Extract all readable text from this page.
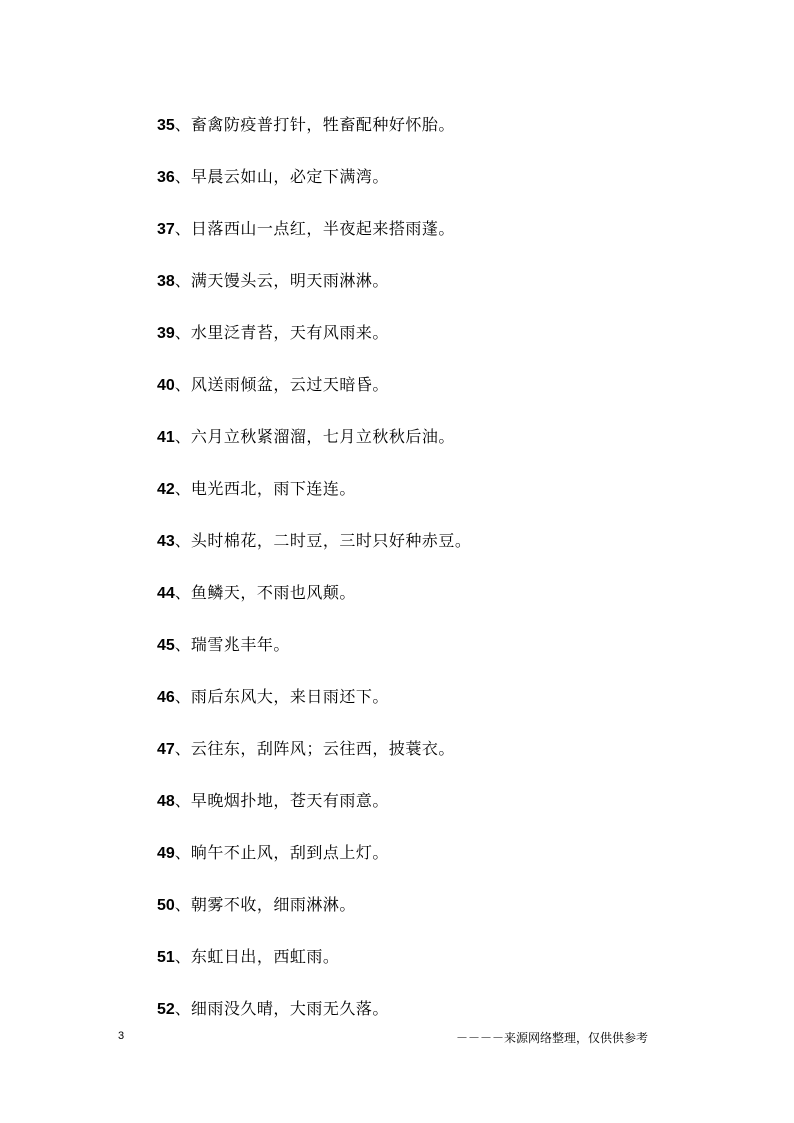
35、畜禽防疫普打针，牲畜配种好怀胎。
36、早晨云如山，必定下满湾。
37、日落西山一点红，半夜起来搭雨蓬。
38、满天馒头云，明天雨淋淋。
39、水里泛青苔，天有风雨来。
40、风送雨倾盆，云过天暗昏。
41、六月立秋紧溜溜，七月立秋秋后油。
42、电光西北，雨下连连。
43、头时棉花，二时豆，三时只好种赤豆。
44、鱼鳞天，不雨也风颠。
45、瑞雪兆丰年。
46、雨后东风大，来日雨还下。
47、云往东，刮阵风；云往西，披蓑衣。
48、早晚烟扑地，苍天有雨意。
49、晌午不止风，刮到点上灯。
50、朝雾不收，细雨淋淋。
51、东虹日出，西虹雨。
52、细雨没久晴，大雨无久落。
3	－－－－来源网络整理，仅供供参考
